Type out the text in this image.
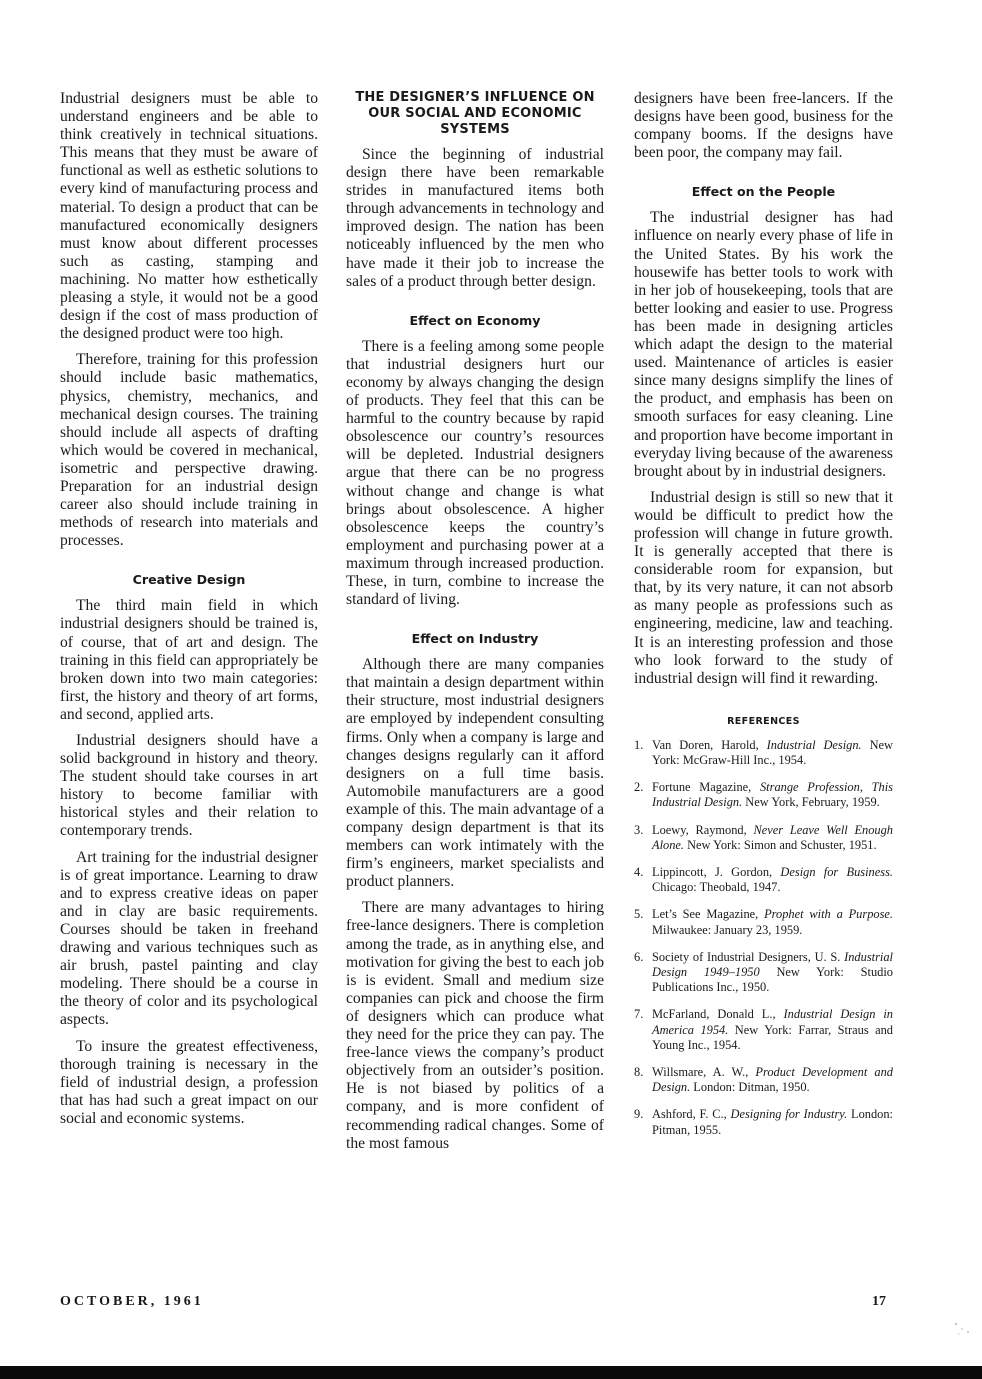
Industrial designers must be able to understand engineers and be able to think creatively in technical situations. This means that they must be aware of functional as well as esthetic solutions to every kind of manufacturing process and material. To design a product that can be manufactured economically designers must know about different processes such as casting, stamping and machining. No matter how esthetically pleasing a style, it would not be a good design if the cost of mass production of the designed product were too high.

Therefore, training for this profession should include basic mathematics, physics, chemistry, mechanics, and mechanical design courses. The training should include all aspects of drafting which would be covered in mechanical, isometric and perspective drawing. Preparation for an industrial design career also should include training in methods of research into materials and processes.

Creative Design

The third main field in which industrial designers should be trained is, of course, that of art and design. The training in this field can appropriately be broken down into two main categories: first, the history and theory of art forms, and second, applied arts.

Industrial designers should have a solid background in history and theory. The student should take courses in art history to become familiar with historical styles and their relation to contemporary trends.

Art training for the industrial designer is of great importance. Learning to draw and to express creative ideas on paper and in clay are basic requirements. Courses should be taken in freehand drawing and various techniques such as air brush, pastel painting and clay modeling. There should be a course in the theory of color and its psychological aspects.

To insure the greatest effectiveness, thorough training is necessary in the field of industrial design, a profession that has had such a great impact on our social and economic systems.

THE DESIGNER’S INFLUENCE ON OUR SOCIAL AND ECONOMIC SYSTEMS

Since the beginning of industrial design there have been remarkable strides in manufactured items both through advancements in technology and improved design. The nation has been noticeably influenced by the men who have made it their job to increase the sales of a product through better design.

Effect on Economy

There is a feeling among some people that industrial designers hurt our economy by always changing the design of products. They feel that this can be harmful to the country because by rapid obsolescence our country’s resources will be depleted. Industrial designers argue that there can be no progress without change and change is what brings about obsolescence. A higher obsolescence keeps the country’s employment and purchasing power at a maximum through increased production. These, in turn, combine to increase the standard of living.

Effect on Industry

Although there are many companies that maintain a design department within their structure, most industrial designers are employed by independent consulting firms. Only when a company is large and changes designs regularly can it afford designers on a full time basis. Automobile manufacturers are a good example of this. The main advantage of a company design department is that its members can work intimately with the firm’s engineers, market specialists and product planners.

There are many advantages to hiring free-lance designers. There is completion among the trade, as in anything else, and motivation for giving the best to each job is is evident. Small and medium size companies can pick and choose the firm of designers which can produce what they need for the price they can pay. The free-lance views the company’s product objectively from an outsider’s position. He is not biased by politics of a company, and is more confident of recommending radical changes. Some of the most famous

designers have been free-lancers. If the designs have been good, business for the company booms. If the designs have been poor, the company may fail.

Effect on the People

The industrial designer has had influence on nearly every phase of life in the United States. By his work the housewife has better tools to work with in her job of housekeeping, tools that are better looking and easier to use. Progress has been made in designing articles which adapt the design to the material used. Maintenance of articles is easier since many designs simplify the lines of the product, and emphasis has been on smooth surfaces for easy cleaning. Line and proportion have become important in everyday living because of the awareness brought about by in industrial designers.

Industrial design is still so new that it would be difficult to predict how the profession will change in future growth. It is generally accepted that there is considerable room for expansion, but that, by its very nature, it can not absorb as many people as professions such as engineering, medicine, law and teaching. It is an interesting profession and those who look forward to the study of industrial design will find it rewarding.

REFERENCES
1. Van Doren, Harold, Industrial Design. New York: McGraw-Hill Inc., 1954.
2. Fortune Magazine, Strange Profession, This Industrial Design. New York, February, 1959.
3. Loewy, Raymond, Never Leave Well Enough Alone. New York: Simon and Schuster, 1951.
4. Lippincott, J. Gordon, Design for Business. Chicago: Theobald, 1947.
5. Let’s See Magazine, Prophet with a Purpose. Milwaukee: January 23, 1959.
6. Society of Industrial Designers, U. S. Industrial Design 1949–1950 New York: Studio Publications Inc., 1950.
7. McFarland, Donald L., Industrial Design in America 1954. New York: Farrar, Straus and Young Inc., 1954.
8. Willsmare, A. W., Product Development and Design. London: Ditman, 1950.
9. Ashford, F. C., Designing for Industry. London: Pitman, 1955.
OCTOBER, 1961	17
